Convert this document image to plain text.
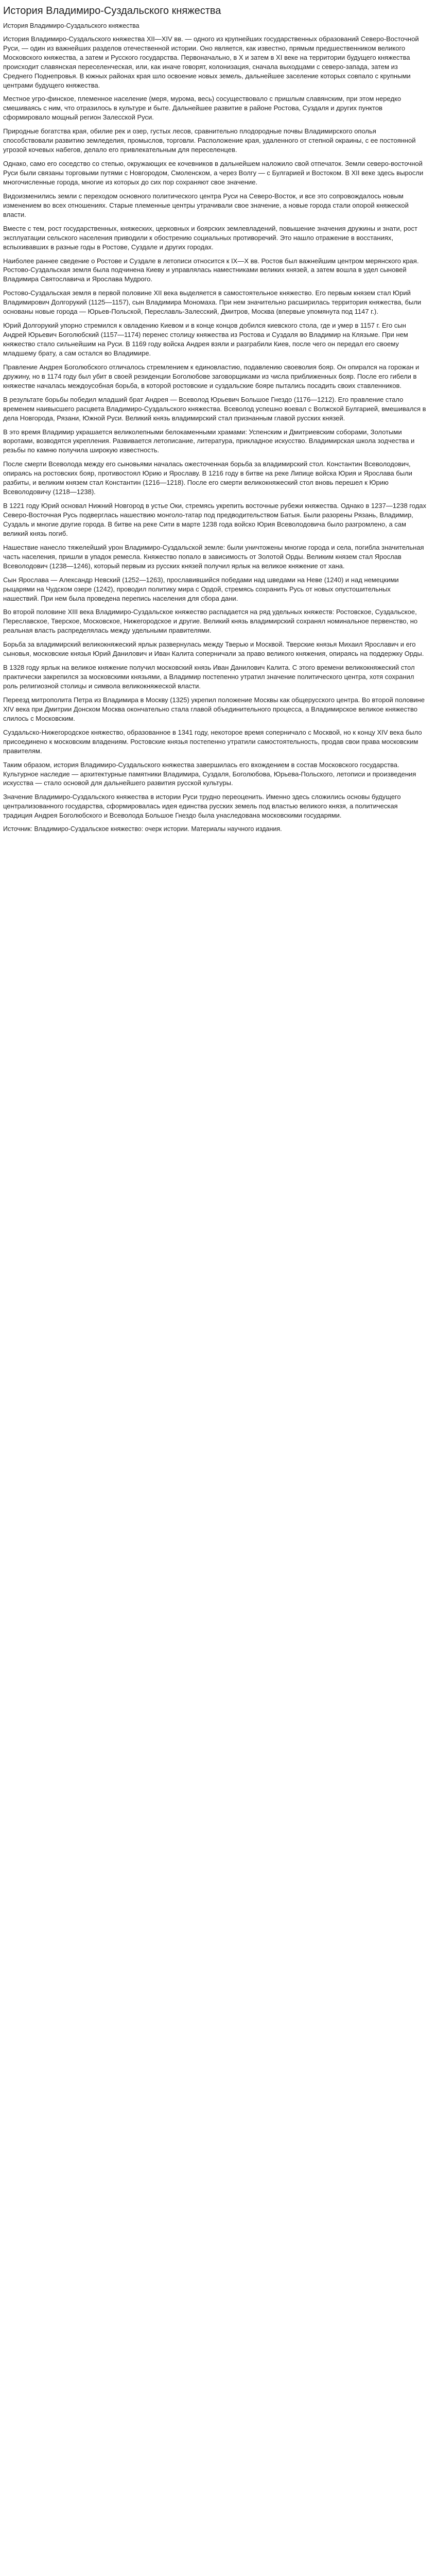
История Владимиро-Суздальского княжества
История Владимиро-Суздальского княжества

История Владимиро-Суздальского княжества XII—XIV вв. — одного из крупнейших государственных образований Северо-Восточной Руси, — один из важнейших разделов отечественной истории. Оно является, как известно, прямым предшественником великого Московского княжества, а затем и Русского государства. Первоначально, в X и затем в XI веке на территории будущего княжества происходит славянская переселенческая, или, как иначе говорят, колонизация, сначала выходцами с северо-запада, затем из Среднего Поднепровья. В южных районах края шло освоение новых земель, дальнейшее заселение которых совпало с крупными центрами будущего княжества.

Местное угро-финское, племенное население (меря, мурома, весь) сосуществовало с пришлым славянским, при этом нередко смешиваясь с ним, что отразилось в культуре и быте. Дальнейшее развитие в районе Ростова, Суздаля и других пунктов сформировало мощный регион Залесской Руси.

Природные богатства края, обилие рек и озер, густых лесов, сравнительно плодородные почвы Владимирского ополья способствовали развитию земледелия, промыслов, торговли. Расположение края, удаленного от степной окраины, с ее постоянной угрозой кочевых набегов, делало его привлекательным для переселенцев.

Однако, само его соседство со степью, окружающих ее кочевников в дальнейшем наложило свой отпечаток. Земли северо-восточной Руси были связаны торговыми путями с Новгородом, Смоленском, а через Волгу — с Булгарией и Востоком. В XII веке здесь выросли многочисленные города, многие из которых до сих пор сохраняют свое значение.

Видоизменились земли с переходом основного политического центра Руси на Северо-Восток, и все это сопровождалось новым изменением во всех отношениях. Старые племенные центры утрачивали свое значение, а новые города стали опорой княжеской власти.

Вместе с тем, рост государственных, княжеских, церковных и боярских землевладений, повышение значения дружины и знати, рост эксплуатации сельского населения приводили к обострению социальных противоречий. Это нашло отражение в восстаниях, вспыхивавших в разные годы в Ростове, Суздале и других городах.

Наиболее раннее сведение о Ростове и Суздале в летописи относится к IX—X вв. Ростов был важнейшим центром мерянского края. Ростово-Суздальская земля была подчинена Киеву и управлялась наместниками великих князей, а затем вошла в удел сыновей Владимира Святославича и Ярослава Мудрого.

Ростово-Суздальская земля в первой половине XII века выделяется в самостоятельное княжество. Его первым князем стал Юрий Владимирович Долгорукий (1125—1157), сын Владимира Мономаха. При нем значительно расширилась территория княжества, были основаны новые города — Юрьев-Польской, Переславль-Залесский, Дмитров, Москва (впервые упомянута под 1147 г.).

Юрий Долгорукий упорно стремился к овладению Киевом и в конце концов добился киевского стола, где и умер в 1157 г. Его сын Андрей Юрьевич Боголюбский (1157—1174) перенес столицу княжества из Ростова и Суздаля во Владимир на Клязьме. При нем княжество стало сильнейшим на Руси. В 1169 году войска Андрея взяли и разграбили Киев, после чего он передал его своему младшему брату, а сам остался во Владимире.

Правление Андрея Боголюбского отличалось стремлением к единовластию, подавлению своеволия бояр. Он опирался на горожан и дружину, но в 1174 году был убит в своей резиденции Боголюбове заговорщиками из числа приближенных бояр. После его гибели в княжестве началась междоусобная борьба, в которой ростовские и суздальские бояре пытались посадить своих ставленников.

В результате борьбы победил младший брат Андрея — Всеволод Юрьевич Большое Гнездо (1176—1212). Его правление стало временем наивысшего расцвета Владимиро-Суздальского княжества. Всеволод успешно воевал с Волжской Булгарией, вмешивался в дела Новгорода, Рязани, Южной Руси. Великий князь владимирский стал признанным главой русских князей.

В это время Владимир украшается великолепными белокаменными храмами: Успенским и Дмитриевским соборами, Золотыми воротами, возводятся укрепления. Развивается летописание, литература, прикладное искусство. Владимирская школа зодчества и резьбы по камню получила широкую известность.

После смерти Всеволода между его сыновьями началась ожесточенная борьба за владимирский стол. Константин Всеволодович, опираясь на ростовских бояр, противостоял Юрию и Ярославу. В 1216 году в битве на реке Липице войска Юрия и Ярослава были разбиты, и великим князем стал Константин (1216—1218). После его смерти великокняжеский стол вновь перешел к Юрию Всеволодовичу (1218—1238).

В 1221 году Юрий основал Нижний Новгород в устье Оки, стремясь укрепить восточные рубежи княжества. Однако в 1237—1238 годах Северо-Восточная Русь подверглась нашествию монголо-татар под предводительством Батыя. Были разорены Рязань, Владимир, Суздаль и многие другие города. В битве на реке Сити в марте 1238 года войско Юрия Всеволодовича было разгромлено, а сам великий князь погиб.

Нашествие нанесло тяжелейший урон Владимиро-Суздальской земле: были уничтожены многие города и села, погибла значительная часть населения, пришли в упадок ремесла. Княжество попало в зависимость от Золотой Орды. Великим князем стал Ярослав Всеволодович (1238—1246), который первым из русских князей получил ярлык на великое княжение от хана.

Сын Ярослава — Александр Невский (1252—1263), прославившийся победами над шведами на Неве (1240) и над немецкими рыцарями на Чудском озере (1242), проводил политику мира с Ордой, стремясь сохранить Русь от новых опустошительных нашествий. При нем была проведена перепись населения для сбора дани.

Во второй половине XIII века Владимиро-Суздальское княжество распадается на ряд удельных княжеств: Ростовское, Суздальское, Переславское, Тверское, Московское, Нижегородское и другие. Великий князь владимирский сохранял номинальное первенство, но реальная власть распределялась между удельными правителями.

Борьба за владимирский великокняжеский ярлык развернулась между Тверью и Москвой. Тверские князья Михаил Ярославич и его сыновья, московские князья Юрий Данилович и Иван Калита соперничали за право великого княжения, опираясь на поддержку Орды.

В 1328 году ярлык на великое княжение получил московский князь Иван Данилович Калита. С этого времени великокняжеский стол практически закрепился за московскими князьями, а Владимир постепенно утратил значение политического центра, хотя сохранил роль религиозной столицы и символа великокняжеской власти.

Переезд митрополита Петра из Владимира в Москву (1325) укрепил положение Москвы как общерусского центра. Во второй половине XIV века при Дмитрии Донском Москва окончательно стала главой объединительного процесса, а Владимирское великое княжество слилось с Московским.

Суздальско-Нижегородское княжество, образованное в 1341 году, некоторое время соперничало с Москвой, но к концу XIV века было присоединено к московским владениям. Ростовские князья постепенно утратили самостоятельность, продав свои права московским правителям.

Таким образом, история Владимиро-Суздальского княжества завершилась его вхождением в состав Московского государства. Культурное наследие — архитектурные памятники Владимира, Суздаля, Боголюбова, Юрьева-Польского, летописи и произведения искусства — стало основой для дальнейшего развития русской культуры.

Значение Владимиро-Суздальского княжества в истории Руси трудно переоценить. Именно здесь сложились основы будущего централизованного государства, сформировалась идея единства русских земель под властью великого князя, а политическая традиция Андрея Боголюбского и Всеволода Большое Гнездо была унаследована московскими государями.

Источник: Владимиро-Суздальское княжество: очерк истории. Материалы научного издания.
